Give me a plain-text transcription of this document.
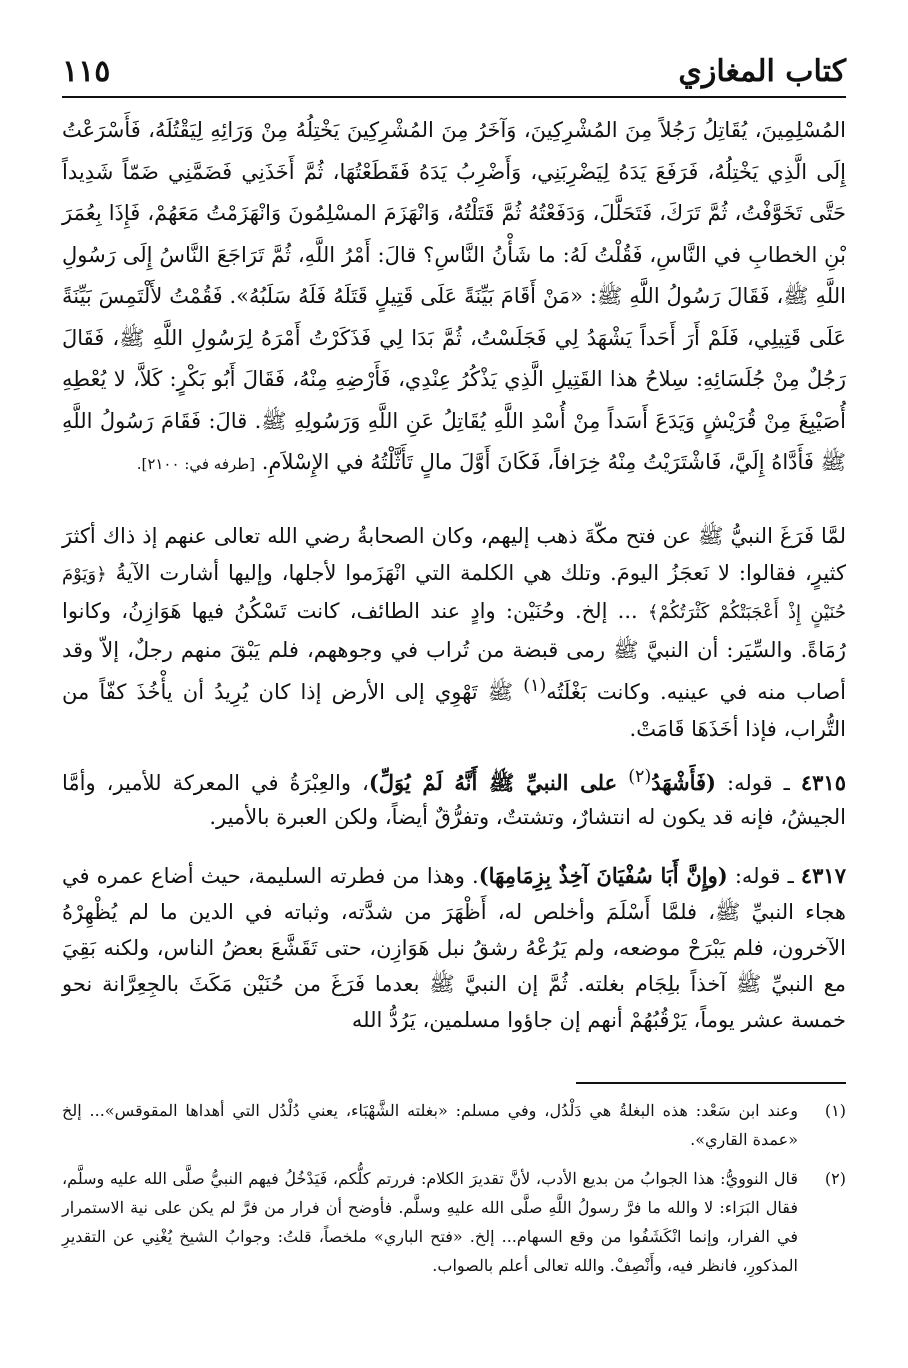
كتاب المغازي
١١٥
المُسْلِمِينَ، يُقَاتِلُ رَجُلاً مِنَ المُشْرِكِينَ، وَآخَرُ مِنَ المُشْرِكِينَ يَخْتِلُهُ مِنْ وَرَائِهِ لِيَقْتُلَهُ، فَأَسْرَعْتُ إِلَى الَّذِي يَخْتِلُهُ، فَرَفَعَ يَدَهُ لِيَضْرِبَنِي، وَأَضْرِبُ يَدَهُ فَقَطَعْتُهَا، ثُمَّ أَخَذَنِي فَضَمَّنِي ضَمّاً شَدِيداً حَتَّى تَخَوَّفْتُ، ثُمَّ تَرَكَ، فَتَحَلَّلَ، وَدَفَعْتُهُ ثُمَّ قَتَلْتُهُ، وَانْهَزَمَ المسْلِمُونَ وَانْهَزَمْتُ مَعَهُمْ، فَإِذَا بِعُمَرَ بْنِ الخطابِ في النَّاسِ، فَقُلْتُ لَهُ: ما شَأْنُ النَّاسِ؟ قالَ: أَمْرُ اللَّهِ، ثُمَّ تَرَاجَعَ النَّاسُ إِلَى رَسُولِ اللَّهِ ﷺ، فَقَالَ رَسُولُ اللَّهِ ﷺ: «مَنْ أَقَامَ بَيِّنَةً عَلَى قَتِيلٍ قَتَلَهُ فَلَهُ سَلَبُهُ». فَقُمْتُ لأَلْتَمِسَ بَيِّنَةً عَلَى قَتِيلِي، فَلَمْ أَرَ أَحَداً يَشْهَدُ لِي فَجَلَسْتُ، ثُمَّ بَدَا لِي فَذَكَرْتُ أَمْرَهُ لِرَسُولِ اللَّهِ ﷺ، فَقَالَ رَجُلٌ مِنْ جُلَسَائِهِ: سِلاحُ هذا القَتِيلِ الَّذِي يَذْكُرُ عِنْدِي، فَأَرْضِهِ مِنْهُ، فَقَالَ أَبُو بَكْرٍ: كَلاَّ، لا يُعْطِهِ أُصَيْبِغَ مِنْ قُرَيْشٍ وَيَدَعَ أَسَداً مِنْ أُسْدِ اللَّهِ يُقَاتِلُ عَنِ اللَّهِ وَرَسُولِهِ ﷺ. قالَ: فَقَامَ رَسُولُ اللَّهِ ﷺ فَأَدَّاهُ إِلَيَّ، فَاشْتَرَيْتُ مِنْهُ خِرَافاً، فَكَانَ أَوَّلَ مالٍ تَأَثَّلْتُهُ في الإِسْلاَمِ. [طرفه في: ٢١٠٠].
لمَّا فَرَغَ النبيُّ ﷺ عن فتح مكّةَ ذهب إليهم، وكان الصحابةُ رضي الله تعالى عنهم إذ ذاك أكثرَ كثيرٍ، فقالوا: لا نَعجَزُ اليومَ. وتلك هي الكلمة التي انْهَزَموا لأجلها، وإليها أشارت الآيةُ ﴿وَيَوْمَ حُنَيْنٍ إِذْ أَعْجَبَتْكُمْ كَثْرَتُكُمْ﴾ ... إلخ. وحُنَيْن: وادٍ عند الطائف، كانت تَسْكُنُ فيها هَوَازِنُ، وكانوا رُمَاةً. والسِّيَر: أن النبيَّ ﷺ رمى قبضة من تُراب في وجوههم، فلم يَبْقَ منهم رجلٌ، إلاّ وقد أصاب منه في عينيه. وكانت بَغْلَتُه$^{(١)}$ ﷺ تَهْوِي إلى الأرض إذا كان يُرِيدُ أن يأْخُذَ كفّاً من التُّراب، فإذا أخَذَهَا قَامَتْ.
٤٣١٥ ـ قوله: (فَأَشْهَدُ$^{(٢)}$ على النبيِّ ﷺ أَنَّهُ لَمْ يُوَلِّ)، والعِبْرَةُ في المعركة للأمير، وأمَّا الجيشُ، فإنه قد يكون له انتشارٌ، وتشتتٌ، وتفرُّقٌ أيضاً، ولكن العبرة بالأمير.
٤٣١٧ ـ قوله: (وإِنَّ أَبَا سُفْيَانَ آخِذٌ بِزِمَامِهَا). وهذا من فطرته السليمة، حيث أضاع عمره في هجاء النبيِّ ﷺ، فلمَّا أَسْلَمَ وأخلص له، أَظْهَرَ من شدَّته، وثباته في الدين ما لم يُظْهِرْهُ الآخرون، فلم يَبْرَحْ موضعه، ولم يَرُعْهُ رشقُ نبل هَوَازِن، حتى تَقَشَّعَ بعضُ الناس، ولكنه بَقِيَ مع النبيِّ ﷺ آخذاً بلِجَام بغلته. ثُمَّ إن النبيَّ ﷺ بعدما فَرَغَ من حُنَيْن مَكَثَ بالجِعِرَّانة نحو خمسة عشر يوماً، يَرْقُبُهُمْ أنهم إن جاؤوا مسلمين، يَرُدُّ الله
(١)
وعند ابن سَعْد: هذه البغلةُ هي دَلْدُل، وفي مسلم: «بغلته الشَّهْبَاء، يعني دُلْدُل التي أهداها المقوقس»... إلخ «عمدة القاري».
(٢)
قال النوويُّ: هذا الجوابُ من بديع الأدب، لأنَّ تقديرَ الكلام: فررتم كلُّكم، فَيَدْخُلُ فيهم النبيُّ صلَّى الله عليه وسلَّم، فقال البَرَاء: لا والله ما فرَّ رسولُ اللَّهِ صلَّى الله عليهِ وسلَّم. فأوضح أن فرار من فرَّ لم يكن على نية الاستمرار في الفرار، وإنما انْكَشَفُوا من وقع السهام... إلخ. «فتح الباري» ملخصاً، قلتُ: وجوابُ الشيخ يُغْنِي عن التقديرِ المذكورِ، فانظر فيه، وأَنْصِفْ. والله تعالى أعلم بالصواب.
